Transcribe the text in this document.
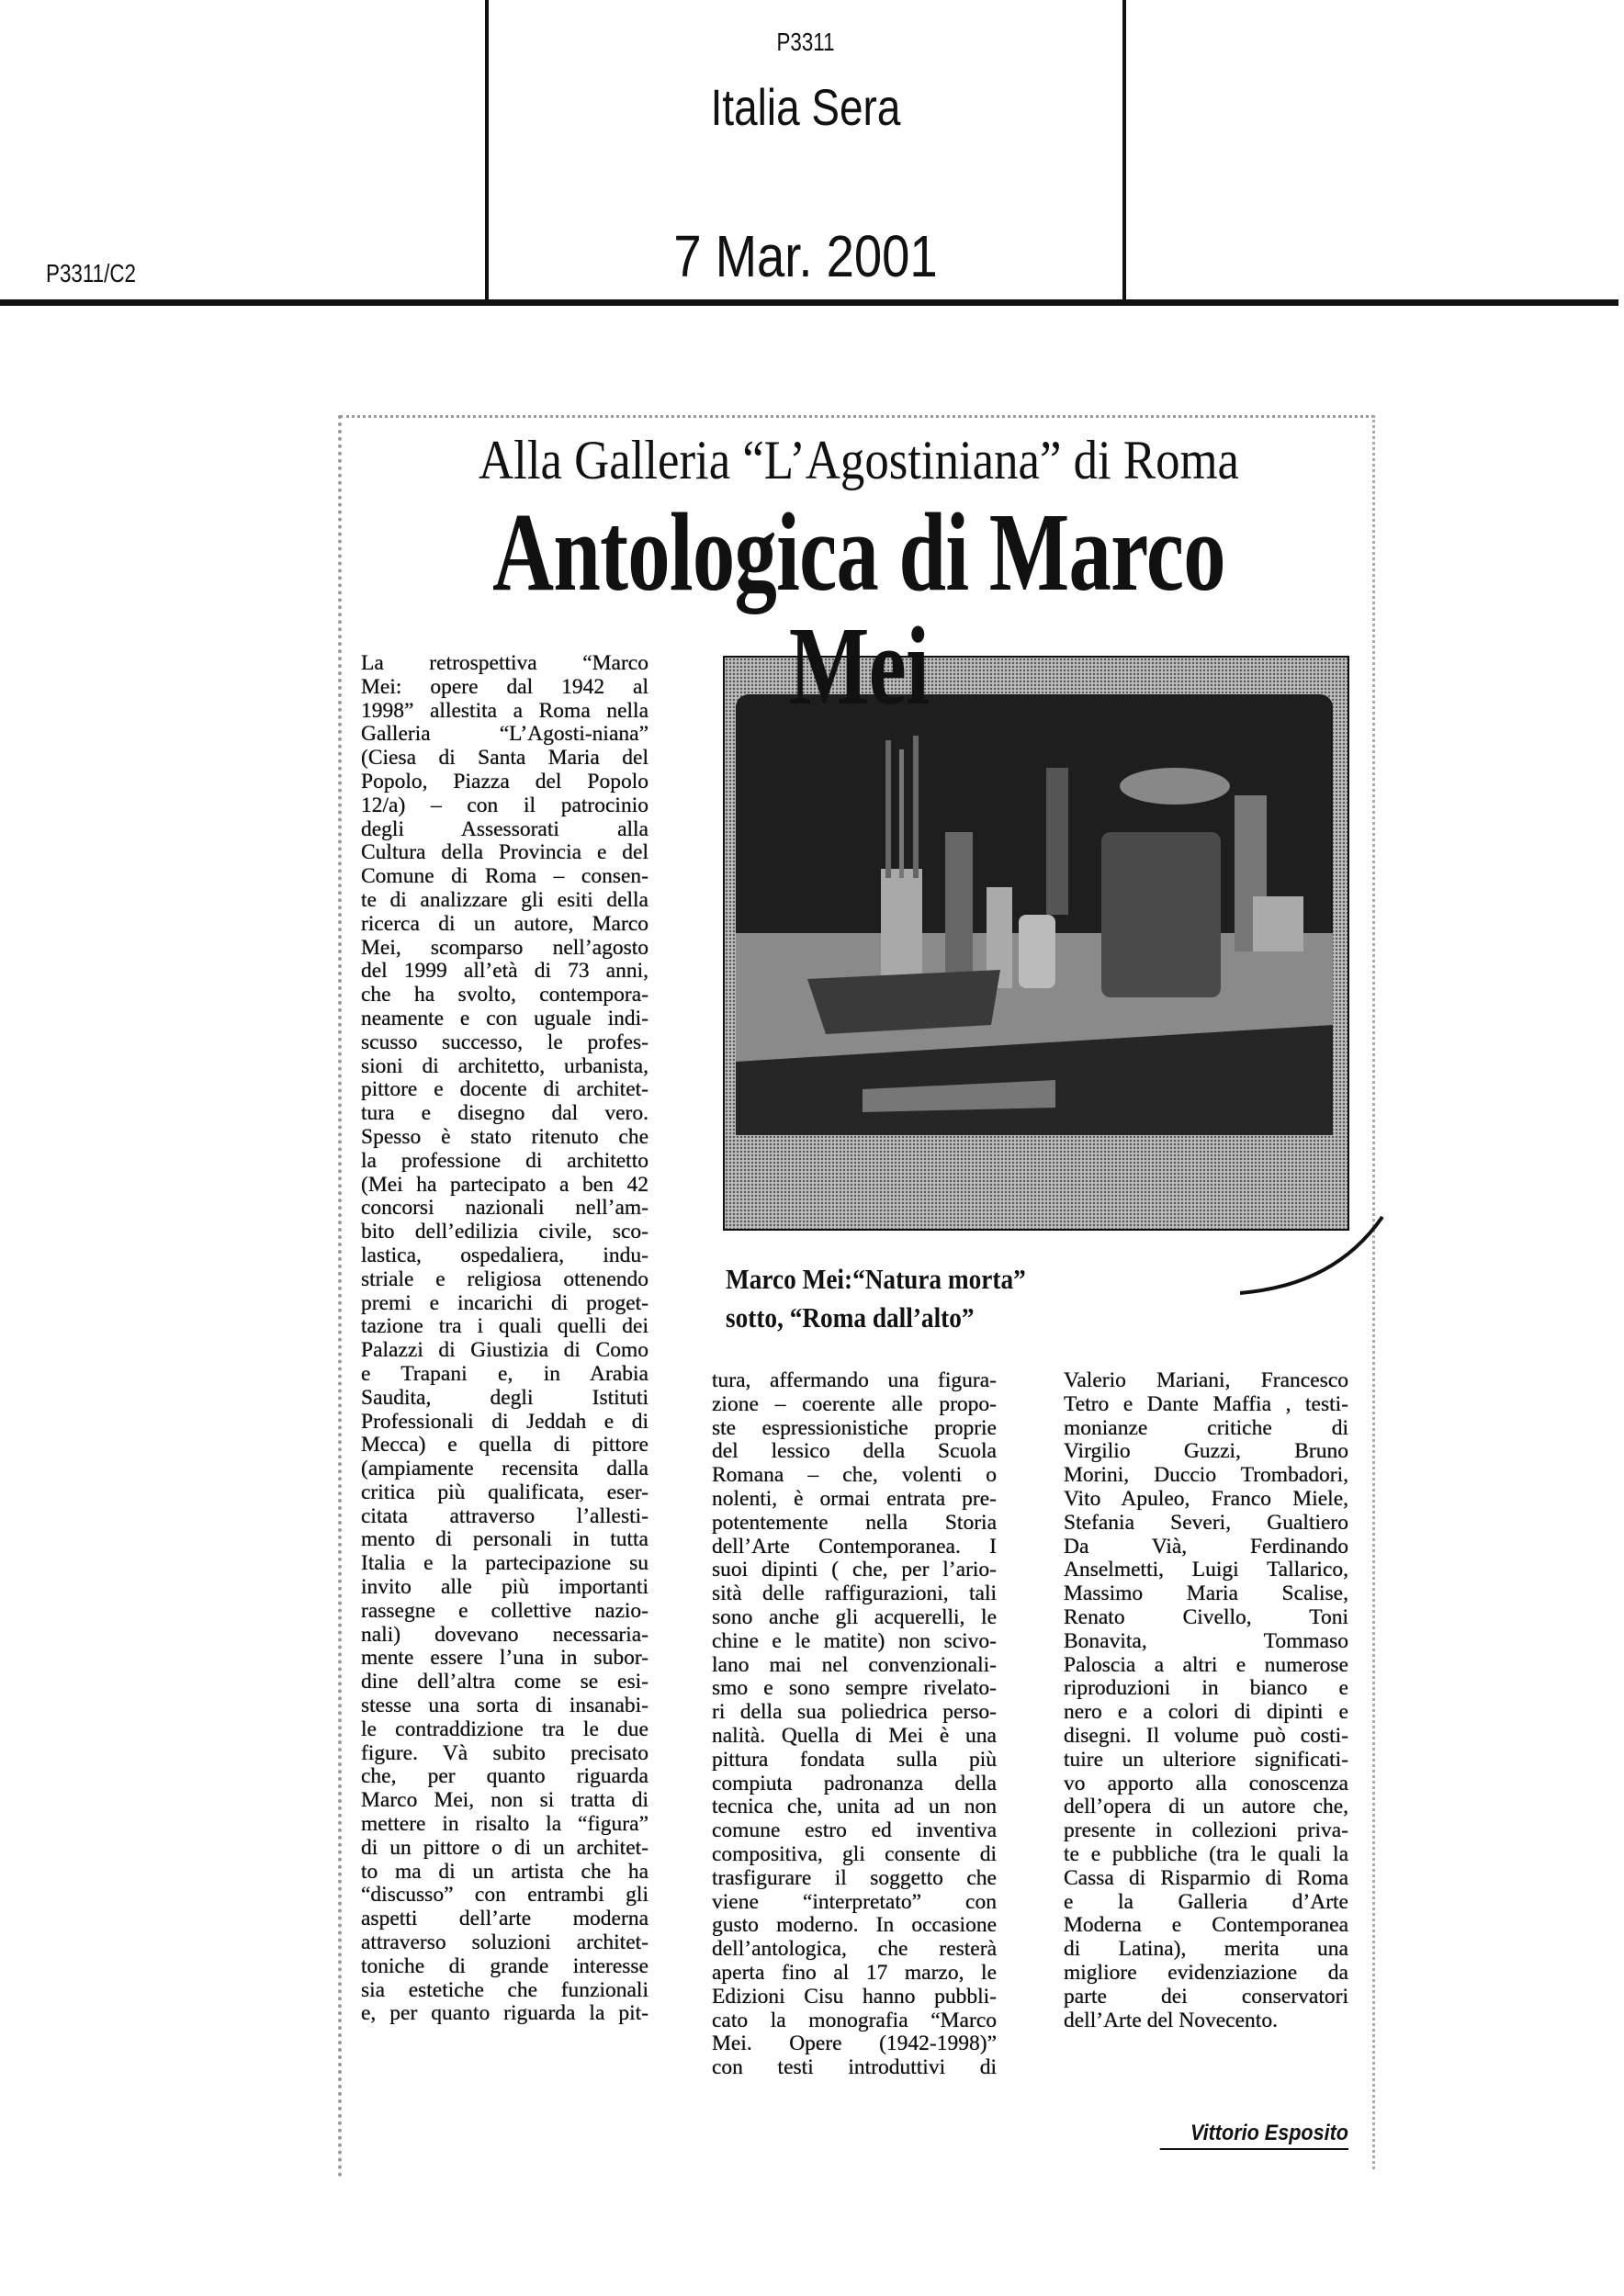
P3311
Italia Sera
7 Mar. 2001
P3311/C2
Alla Galleria “L’Agostiniana” di Roma
Antologica di Marco Mei
La retrospettiva “Marco
Mei: opere dal 1942 al
1998” allestita a Roma nella
Galleria “L’Agosti-niana”
(Ciesa di Santa Maria del
Popolo, Piazza del Popolo
12/a) – con il patrocinio
degli Assessorati alla
Cultura della Provincia e del
Comune di Roma – consen-
te di analizzare gli esiti della
ricerca di un autore, Marco
Mei, scomparso nell’agosto
del 1999 all’età di 73 anni,
che ha svolto, contempora-
neamente e con uguale indi-
scusso successo, le profes-
sioni di architetto, urbanista,
pittore e docente di architet-
tura e disegno dal vero.
Spesso è stato ritenuto che
la professione di architetto
(Mei ha partecipato a ben 42
concorsi nazionali nell’am-
bito dell’edilizia civile, sco-
lastica, ospedaliera, indu-
striale e religiosa ottenendo
premi e incarichi di proget-
tazione tra i quali quelli dei
Palazzi di Giustizia di Como
e Trapani e, in Arabia
Saudita, degli Istituti
Professionali di Jeddah e di
Mecca) e quella di pittore
(ampiamente recensita dalla
critica più qualificata, eser-
citata attraverso l’allesti-
mento di personali in tutta
Italia e la partecipazione su
invito alle più importanti
rassegne e collettive nazio-
nali) dovevano necessaria-
mente essere l’una in subor-
dine dell’altra come se esi-
stesse una sorta di insanabi-
le contraddizione tra le due
figure. Và subito precisato
che, per quanto riguarda
Marco Mei, non si tratta di
mettere in risalto la “figura”
di un pittore o di un architet-
to ma di un artista che ha
“discusso” con entrambi gli
aspetti dell’arte moderna
attraverso soluzioni architet-
toniche di grande interesse
sia estetiche che funzionali
e, per quanto riguarda la pit-
tura, affermando una figura-
zione – coerente alle propo-
ste espressionistiche proprie
del lessico della Scuola
Romana – che, volenti o
nolenti, è ormai entrata pre-
potentemente nella Storia
dell’Arte Contemporanea. I
suoi dipinti ( che, per l’ario-
sità delle raffigurazioni, tali
sono anche gli acquerelli, le
chine e le matite) non scivo-
lano mai nel convenzionali-
smo e sono sempre rivelato-
ri della sua poliedrica perso-
nalità. Quella di Mei è una
pittura fondata sulla più
compiuta padronanza della
tecnica che, unita ad un non
comune estro ed inventiva
compositiva, gli consente di
trasfigurare il soggetto che
viene “interpretato” con
gusto moderno. In occasione
dell’antologica, che resterà
aperta fino al 17 marzo, le
Edizioni Cisu hanno pubbli-
cato la monografia “Marco
Mei. Opere (1942-1998)”
con testi introduttivi di
Valerio Mariani, Francesco
Tetro e Dante Maffia , testi-
monianze critiche di
Virgilio Guzzi, Bruno
Morini, Duccio Trombadori,
Vito Apuleo, Franco Miele,
Stefania Severi, Gualtiero
Da Vià, Ferdinando
Anselmetti, Luigi Tallarico,
Massimo Maria Scalise,
Renato Civello, Toni
Bonavita, Tommaso
Paloscia a altri e numerose
riproduzioni in bianco e
nero e a colori di dipinti e
disegni. Il volume può costi-
tuire un ulteriore significati-
vo apporto alla conoscenza
dell’opera di un autore che,
presente in collezioni priva-
te e pubbliche (tra le quali la
Cassa di Risparmio di Roma
e la Galleria d’Arte
Moderna e Contemporanea
di Latina), merita una
migliore evidenziazione da
parte dei conservatori
dell’Arte del Novecento.
Marco Mei:“Natura morta”
sotto, “Roma dall’alto”
Vittorio Esposito
